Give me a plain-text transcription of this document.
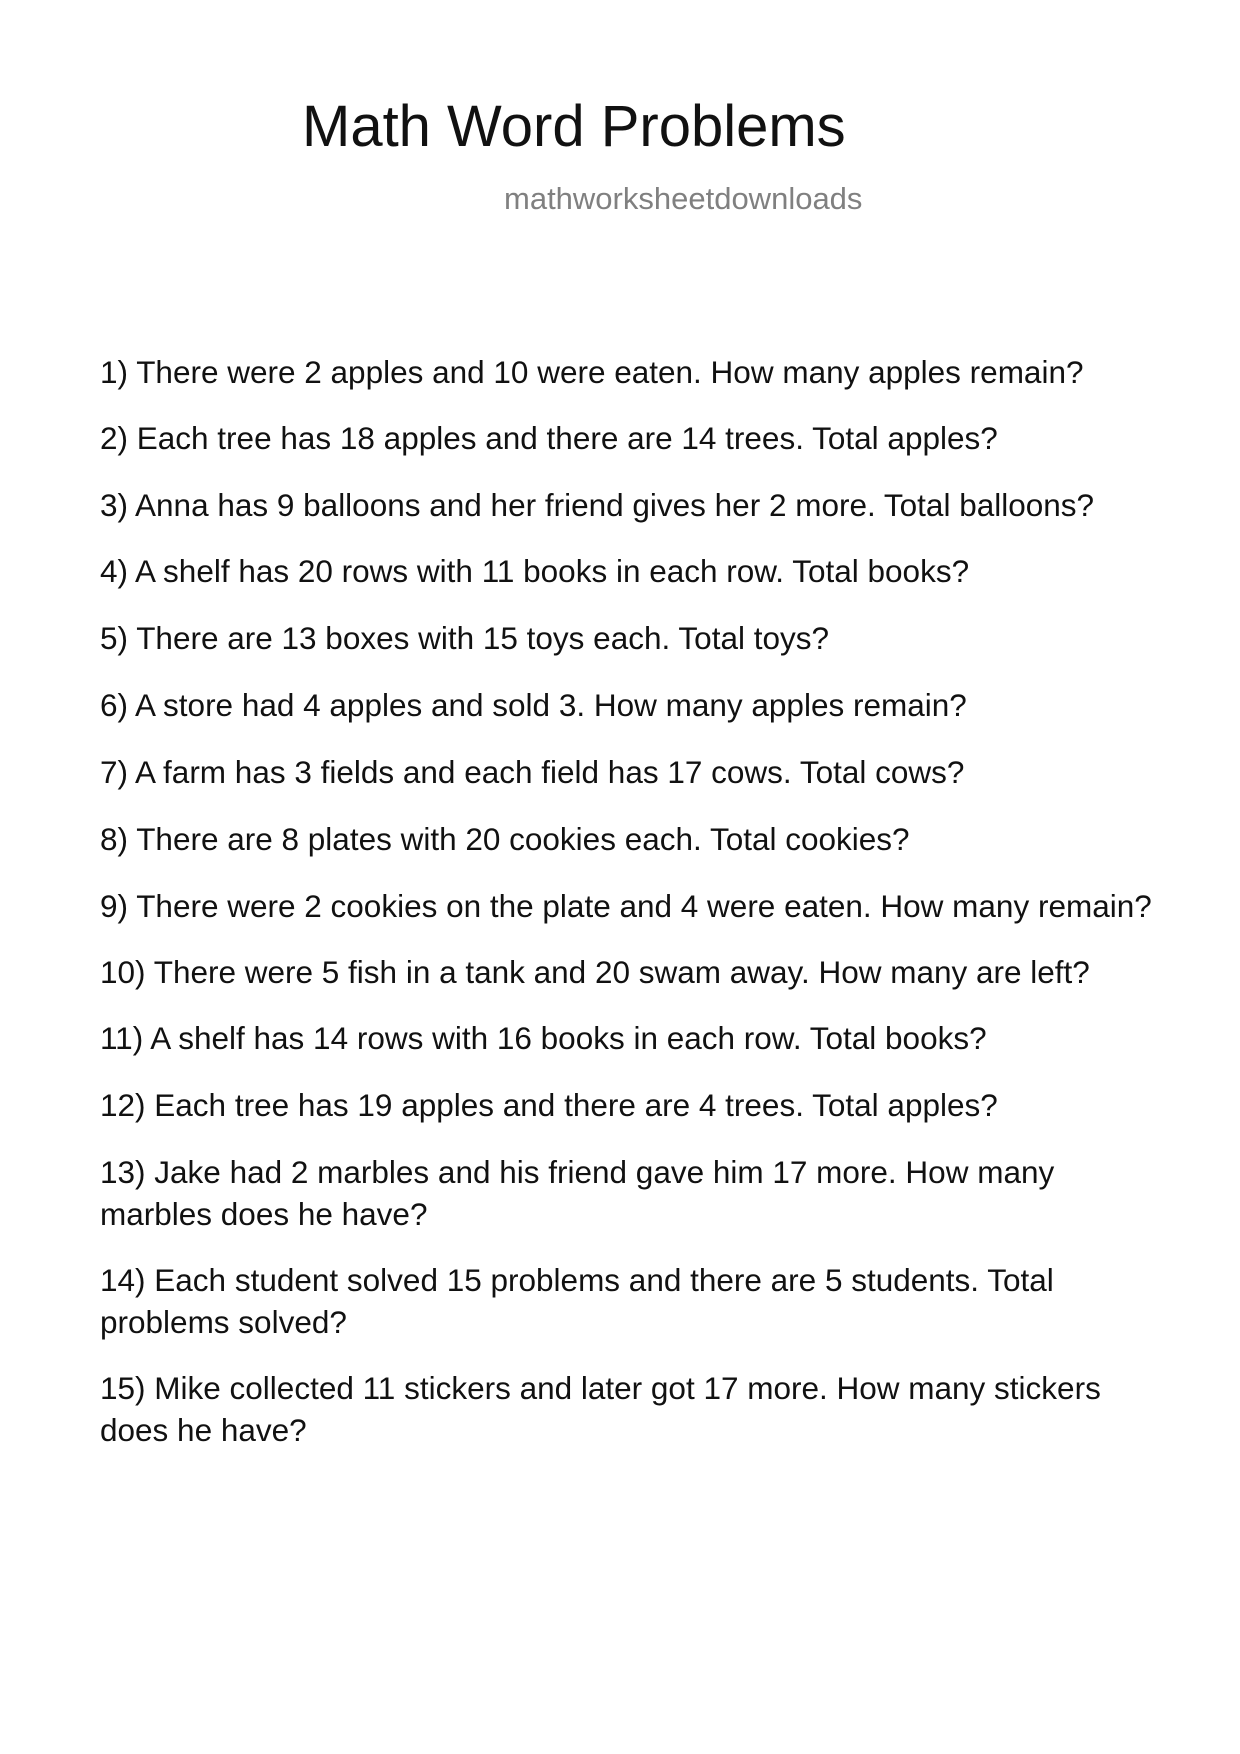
Math Word Problems
mathworksheetdownloads
1) There were 2 apples and 10 were eaten. How many apples remain?
2) Each tree has 18 apples and there are 14 trees. Total apples?
3) Anna has 9 balloons and her friend gives her 2 more. Total balloons?
4) A shelf has 20 rows with 11 books in each row. Total books?
5) There are 13 boxes with 15 toys each. Total toys?
6) A store had 4 apples and sold 3. How many apples remain?
7) A farm has 3 fields and each field has 17 cows. Total cows?
8) There are 8 plates with 20 cookies each. Total cookies?
9) There were 2 cookies on the plate and 4 were eaten. How many remain?
10) There were 5 fish in a tank and 20 swam away. How many are left?
11) A shelf has 14 rows with 16 books in each row. Total books?
12) Each tree has 19 apples and there are 4 trees. Total apples?
13) Jake had 2 marbles and his friend gave him 17 more. How many marbles does he have?
14) Each student solved 15 problems and there are 5 students. Total problems solved?
15) Mike collected 11 stickers and later got 17 more. How many stickers does he have?
